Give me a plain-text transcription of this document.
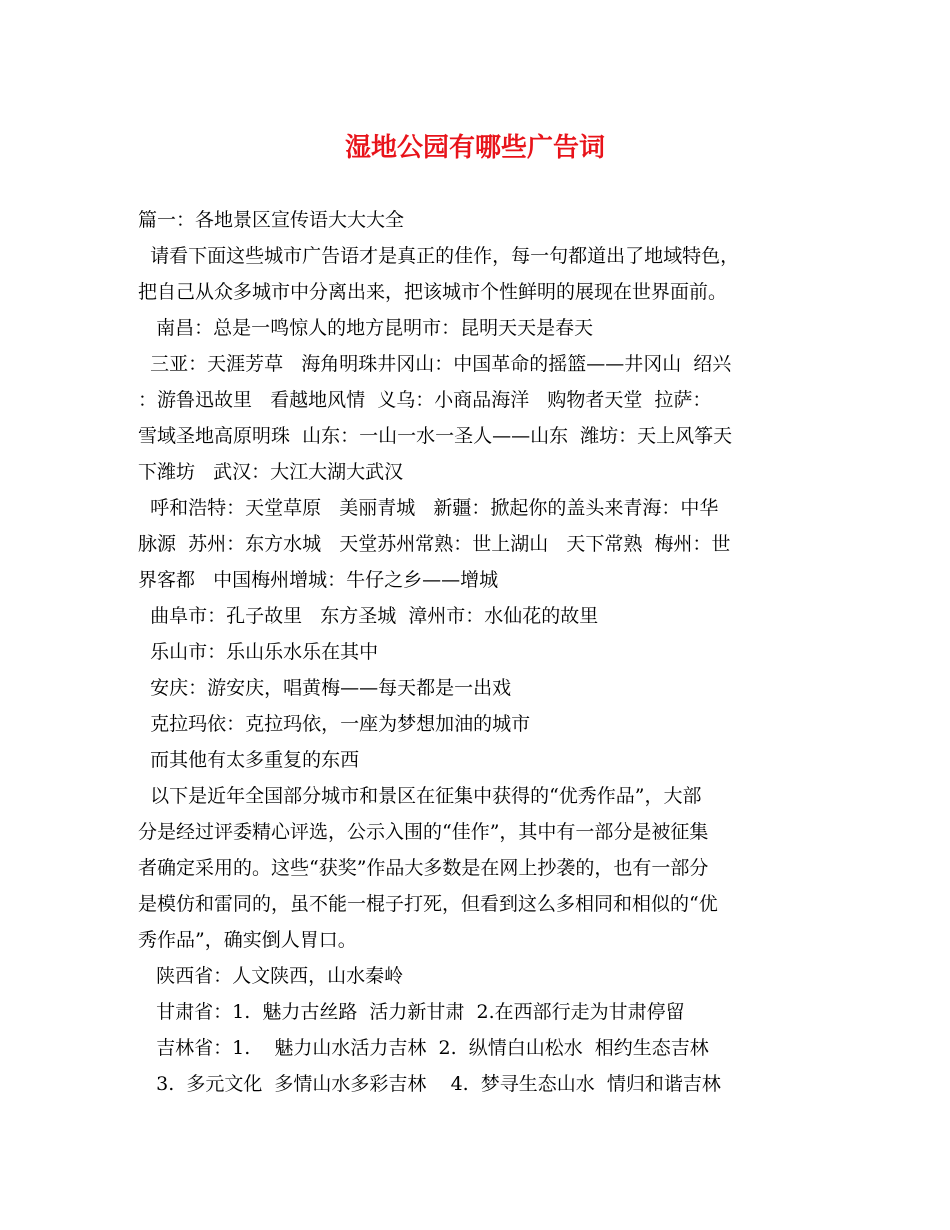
湿地公园有哪些广告词
篇一：各地景区宣传语大大大全
请看下面这些城市广告语才是真正的佳作，每一句都道出了地域特色，
把自己从众多城市中分离出来，把该城市个性鲜明的展现在世界面前。
南昌：总是一鸣惊人的地方昆明市：昆明天天是春天
三亚：天涯芳草   海角明珠井冈山：中国革命的摇篮——井冈山  绍兴
：游鲁迅故里   看越地风情  义乌：小商品海洋   购物者天堂  拉萨：
雪域圣地高原明珠  山东：一山一水一圣人——山东  潍坊：天上风筝天
下潍坊   武汉：大江大湖大武汉
呼和浩特：天堂草原   美丽青城   新疆：掀起你的盖头来青海：中华
脉源  苏州：东方水城   天堂苏州常熟：世上湖山   天下常熟  梅州：世
界客都   中国梅州增城：牛仔之乡——增城
曲阜市：孔子故里   东方圣城  漳州市：水仙花的故里
乐山市：乐山乐水乐在其中
安庆：游安庆，唱黄梅——每天都是一出戏
克拉玛依：克拉玛依，一座为梦想加油的城市
而其他有太多重复的东西
以下是近年全国部分城市和景区在征集中获得的“优秀作品”，大部
分是经过评委精心评选，公示入围的“佳作”，其中有一部分是被征集
者确定采用的。这些“获奖”作品大多数是在网上抄袭的，也有一部分
是模仿和雷同的，虽不能一棍子打死，但看到这么多相同和相似的“优
秀作品”，确实倒人胃口。
陕西省：人文陕西，山水秦岭
甘肃省：1.  魅力古丝路  活力新甘肃  2.在西部行走为甘肃停留
吉林省：1.    魅力山水活力吉林  2.  纵情白山松水  相约生态吉林
3.  多元文化  多情山水多彩吉林    4.  梦寻生态山水  情归和谐吉林
